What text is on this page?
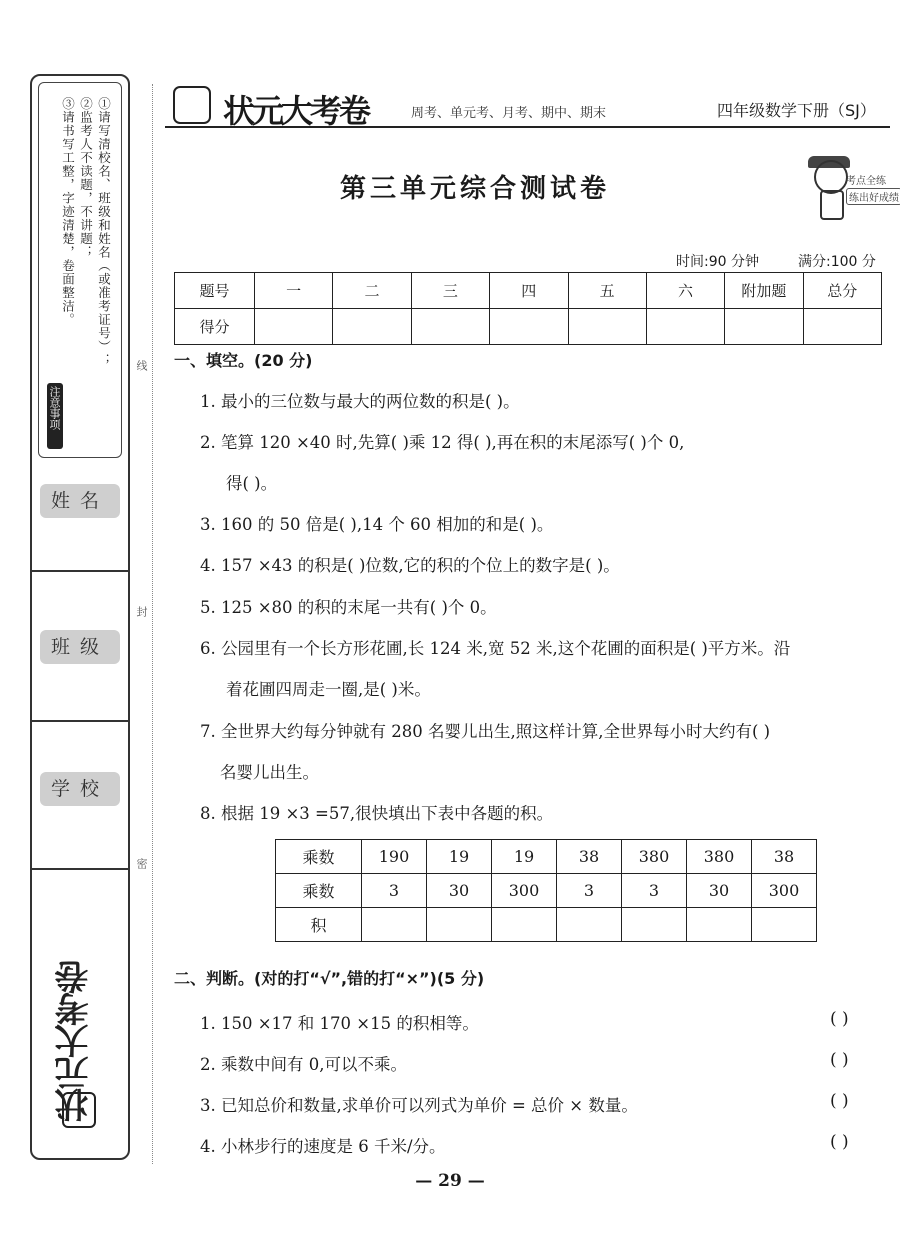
①请写清校名、班级和姓名（或准考证号）；
②监考人不读题，不讲题；
③请书写工整，字迹清楚，卷面整洁。
注意事项
姓名
班级
学校
状元大考卷
线
封
密
状元大考卷	周考、单元考、月考、期中、期末	四年级数学下册（SJ）
第三单元综合测试卷	考点全练
练出好成绩
时间:90 分钟	满分:100 分
题号	一	二	三	四	五	六	附加题	总分
得分								
一、填空。(20 分)
1. 最小的三位数与最大的两位数的积是( )。
2. 笔算 120 ×40 时,先算( )乘 12 得( ),再在积的末尾添写( )个 0,
得( )。
3. 160 的 50 倍是( ),14 个 60 相加的和是( )。
4. 157 ×43 的积是( )位数,它的积的个位上的数字是( )。
5. 125 ×80 的积的末尾一共有( )个 0。
6. 公园里有一个长方形花圃,长 124 米,宽 52 米,这个花圃的面积是( )平方米。沿
着花圃四周走一圈,是( )米。
7. 全世界大约每分钟就有 280 名婴儿出生,照这样计算,全世界每小时大约有( )
名婴儿出生。
8. 根据 19 ×3 =57,很快填出下表中各题的积。
乘数	190	19	19	38	380	380	38
乘数	3	30	300	3	3	30	300
积							
二、判断。(对的打“√”,错的打“×”)(5 分)
1. 150 ×17 和 170 ×15 的积相等。	( )
2. 乘数中间有 0,可以不乘。	( )
3. 已知总价和数量,求单价可以列式为单价 = 总价 × 数量。	( )
4. 小林步行的速度是 6 千米/分。	( )
— 29 —
